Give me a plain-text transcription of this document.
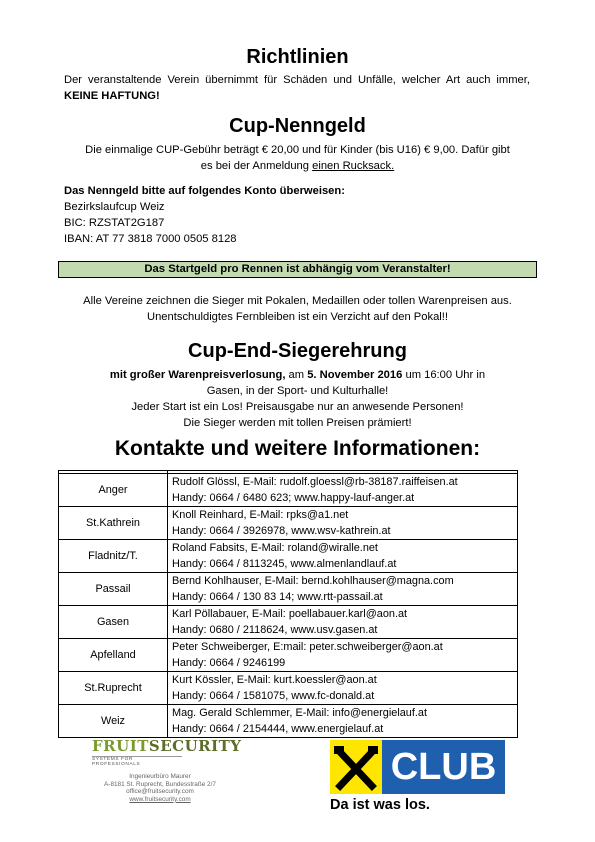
Richtlinien
Der veranstaltende Verein übernimmt für Schäden und Unfälle, welcher Art auch immer, KEINE HAFTUNG!
Cup-Nenngeld
Die einmalige CUP-Gebühr beträgt € 20,00 und für Kinder (bis U16) € 9,00. Dafür gibt
es bei der Anmeldung einen Rucksack.
Das Nenngeld bitte auf folgendes Konto überweisen:
Bezirkslaufcup Weiz
BIC: RZSTAT2G187
IBAN: AT 77 3818 7000 0505 8128
Das Startgeld pro Rennen ist abhängig vom Veranstalter!
Alle Vereine zeichnen die Sieger mit Pokalen, Medaillen oder tollen Warenpreisen aus.
Unentschuldigtes Fernbleiben ist ein Verzicht auf den Pokal!!
Cup-End-Siegerehrung
mit großer Warenpreisverlosung, am 5. November 2016 um 16:00 Uhr in
Gasen, in der Sport- und Kulturhalle!
Jeder Start ist ein Los! Preisausgabe nur an anwesende Personen!
Die Sieger werden mit tollen Preisen prämiert!
Kontakte und weitere Informationen:

Anger	Rudolf Glössl, E-Mail: rudolf.gloessl@rb-38187.raiffeisen.at
Handy: 0664 / 6480 623; www.happy-lauf-anger.at

St.Kathrein	Knoll Reinhard, E-Mail: rpks@a1.net
Handy: 0664 / 3926978, www.wsv-kathrein.at

Fladnitz/T.	Roland Fabsits, E-Mail: roland@wiralle.net
Handy: 0664 / 8113245, www.almenlandlauf.at

Passail	Bernd Kohlhauser, E-Mail: bernd.kohlhauser@magna.com
Handy: 0664 / 130 83 14; www.rtt-passail.at

Gasen	Karl Pöllabauer, E-Mail: poellabauer.karl@aon.at
Handy: 0680 / 2118624, www.usv.gasen.at

Apfelland	Peter Schweiberger, E:mail: peter.schweiberger@aon.at
Handy: 0664 / 9246199

St.Ruprecht	Kurt Kössler, E-Mail: kurt.koessler@aon.at
Handy: 0664 / 1581075, www.fc-donald.at

Weiz	Mag. Gerald Schlemmer, E-Mail: info@energielauf.at
Handy: 0664 / 2154444, www.energielauf.at
FRUITSECURITY
SYSTEMS FOR PROFESSIONALS
Ingenieurbüro Maurer
A-8181 St. Ruprecht, Bundesstraße 2/7
office@fruitsecurity.com
www.fruitsecurity.com
CLUB
Da ist was los.
